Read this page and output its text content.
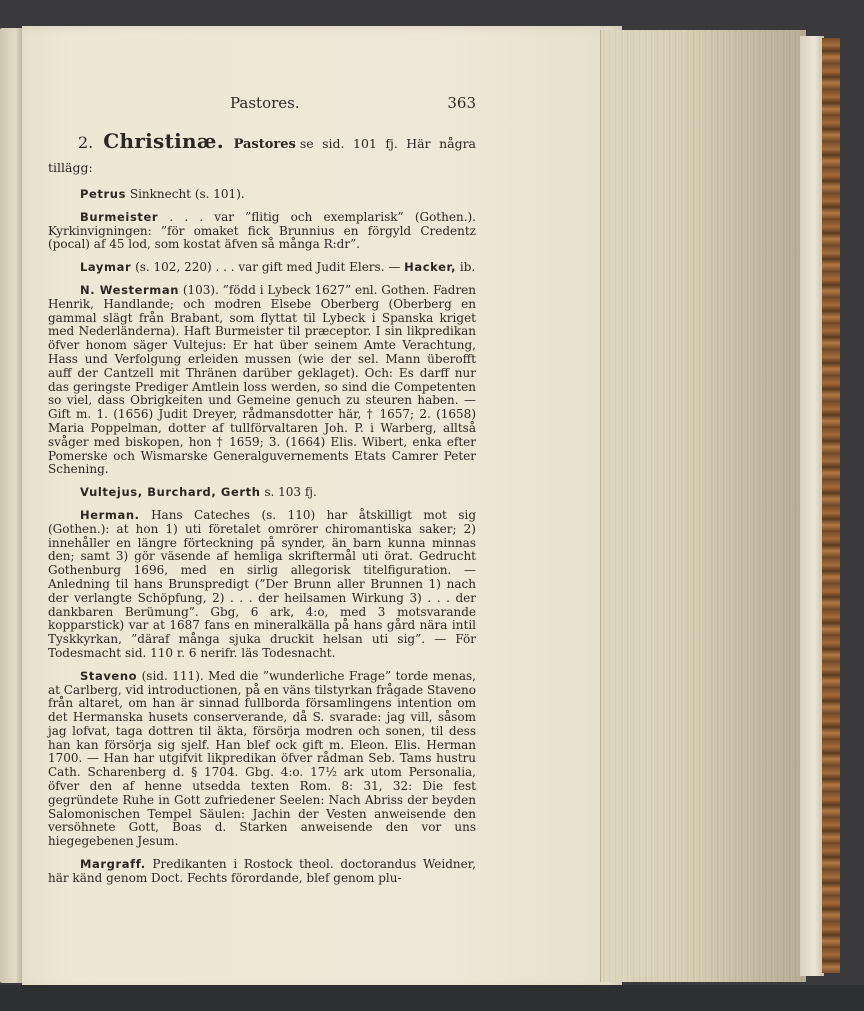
Pastores.	363

2. Christinæ. Pastores se sid. 101 fj. Här några tillägg:

Petrus Sinknecht (s. 101).

Burmeister . . . var ”flitig och exemplarisk” (Gothen.). Kyrkinvigningen: ”för omaket fick Brunnius en förgyld Credentz (pocal) af 45 lod, som kostat äfven så många R:dr”.

Laymar (s. 102, 220) . . . var gift med Judit Elers. — Hacker, ib.

N. Westerman (103). ”född i Lybeck 1627” enl. Gothen. Fadren Henrik, Handlande; och modren Elsebe Oberberg (Oberberg en gammal slägt från Brabant, som flyttat til Lybeck i Spanska kriget med Nederländerna). Haft Burmeister til præceptor. I sin likpredikan öfver honom säger Vultejus: Er hat über seinem Amte Verachtung, Hass und Verfolgung erleiden mussen (wie der sel. Mann überofft auff der Cantzell mit Thränen darüber geklaget). Och: Es darff nur das geringste Prediger Amtlein loss werden, so sind die Competenten so viel, dass Obrigkeiten und Gemeine genuch zu steuren haben. — Gift m. 1. (1656) Judit Dreyer, rådmansdotter här, † 1657; 2. (1658) Maria Poppelman, dotter af tullförvaltaren Joh. P. i Warberg, alltså svåger med biskopen, hon † 1659; 3. (1664) Elis. Wibert, enka efter Pomerske och Wismarske Generalguvernements Etats Camrer Peter Schening.

Vultejus, Burchard, Gerth s. 103 fj.

Herman. Hans Cateches (s. 110) har åtskilligt mot sig (Gothen.): at hon 1) uti företalet omrörer chiromantiska saker; 2) innehåller en längre förteckning på synder, än barn kunna minnas den; samt 3) gör väsende af hemliga skriftermål uti örat. Gedrucht Gothenburg 1696, med en sirlig allegorisk titelfiguration. — Anledning til hans Brunspredigt (”Der Brunn aller Brunnen 1) nach der verlangte Schöpfung, 2) . . . der heilsamen Wirkung 3) . . . der dankbaren Berümung”. Gbg, 6 ark, 4:o, med 3 motsvarande kopparstick) var at 1687 fans en mineralkälla på hans gård nära intil Tyskkyrkan, ”däraf många sjuka druckit helsan uti sig”. — För Todesmacht sid. 110 r. 6 nerifr. läs Todesnacht.

Staveno (sid. 111). Med die ”wunderliche Frage” torde menas, at Carlberg, vid introductionen, på en väns tilstyrkan frågade Staveno från altaret, om han är sinnad fullborda församlingens intention om det Hermanska husets conserverande, då S. svarade: jag vill, såsom jag lofvat, taga dottren til äkta, försörja modren och sonen, til dess han kan försörja sig sjelf. Han blef ock gift m. Eleon. Elis. Herman 1700. — Han har utgifvit likpredikan öfver rådman Seb. Tams hustru Cath. Scharenberg d. § 1704. Gbg. 4:o. 17½ ark utom Personalia, öfver den af henne utsedda texten Rom. 8: 31, 32: Die fest gegründete Ruhe in Gott zufriedener Seelen: Nach Abriss der beyden Salomonischen Tempel Säulen: Jachin der Vesten anweisende den versöhnete Gott, Boas d. Starken anweisende den vor uns hiegegebenen Jesum.

Margraff. Predikanten i Rostock theol. doctorandus Weidner, här känd genom Doct. Fechts förordande, blef genom plu-
